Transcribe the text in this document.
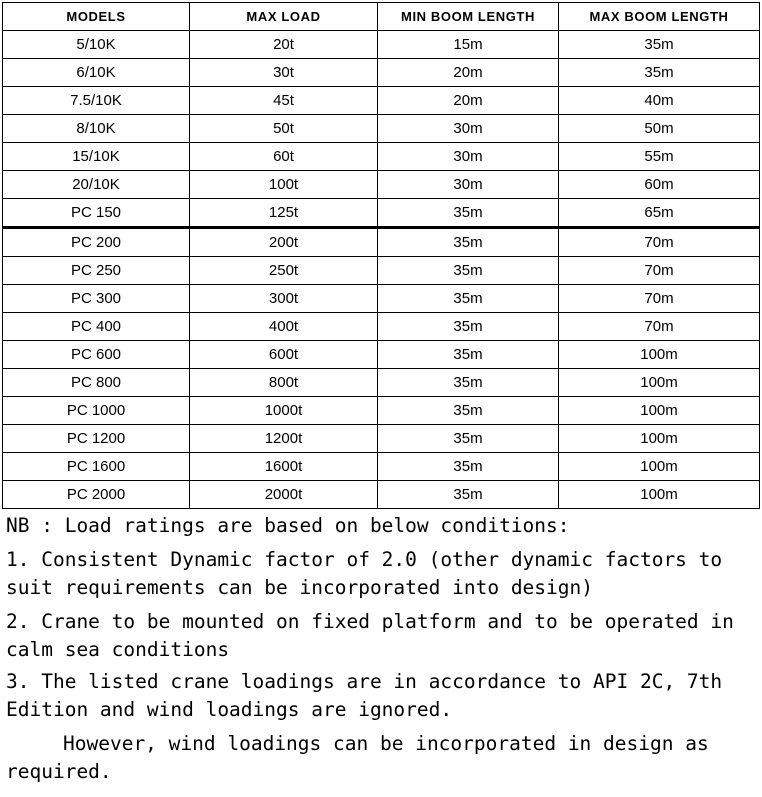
MODELS	MAX LOAD	MIN BOOM LENGTH	MAX BOOM LENGTH
5/10K	20t	15m	35m
6/10K	30t	20m	35m
7.5/10K	45t	20m	40m
8/10K	50t	30m	50m
15/10K	60t	30m	55m
20/10K	100t	30m	60m
PC 150	125t	35m	65m
PC 200	200t	35m	70m
PC 250	250t	35m	70m
PC 300	300t	35m	70m
PC 400	400t	35m	70m
PC 600	600t	35m	100m
PC 800	800t	35m	100m
PC 1000	1000t	35m	100m
PC 1200	1200t	35m	100m
PC 1600	1600t	35m	100m
PC 2000	2000t	35m	100m

NB : Load ratings are based on below conditions:

1. Consistent Dynamic factor of 2.0 (other dynamic factors to suit requirements can be incorporated into design)

2. Crane to be mounted on fixed platform and to be operated in calm sea conditions

3. The listed crane loadings are in accordance to API 2C, 7th Edition and wind loadings are ignored.

However, wind loadings can be incorporated in design as required.
